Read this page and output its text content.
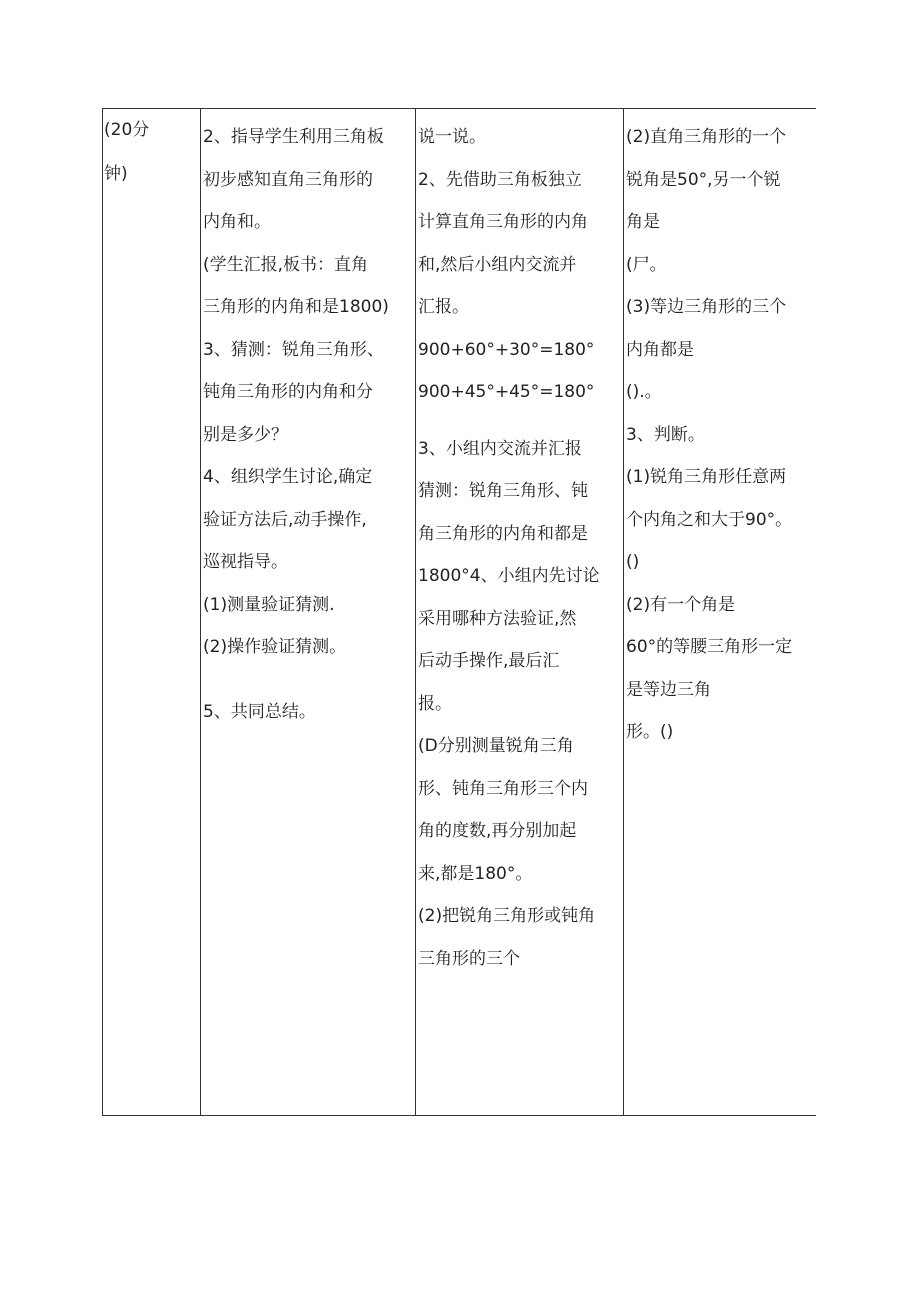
(20分

钟)

2、指导学生利用三角板

初步感知直角三角形的

内角和。

(学生汇报,板书：直角

三角形的内角和是1800)

3、猜测：锐角三角形、

钝角三角形的内角和分

别是多少？

4、组织学生讨论,确定

验证方法后,动手操作,

巡视指导。

(1)测量验证猜测.

(2)操作验证猜测。

5、共同总结。

说一说。

2、先借助三角板独立

计算直角三角形的内角

和,然后小组内交流并

汇报。

900+60°+30°=180°

900+45°+45°=180°

3、小组内交流并汇报

猜测：锐角三角形、钝

角三角形的内角和都是

1800°4、小组内先讨论

采用哪种方法验证,然

后动手操作,最后汇

报。

(D分别测量锐角三角

形、钝角三角形三个内

角的度数,再分别加起

来,都是180°。

(2)把锐角三角形或钝角

三角形的三个

(2)直角三角形的一个

锐角是50°,另一个锐

角是

(尸。

(3)等边三角形的三个

内角都是

().。

3、判断。

(1)锐角三角形任意两

个内角之和大于90°。

()

(2)有一个角是

60°的等腰三角形一定

是等边三角

形。()
